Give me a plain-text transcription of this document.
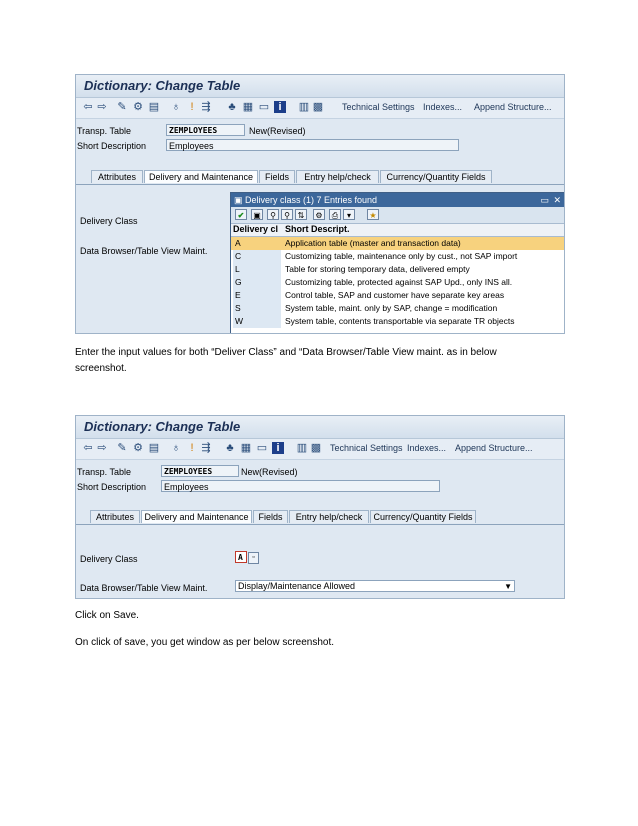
Dictionary: Change Table
⇦ ⇨ ✎ ⚙ ▤ ♁ ! ⇶ ♣ ▦ ▭ i	▥ ▩ Technical Settings Indexes... Append Structure...
Transp. Table	ZEMPLOYEES	New(Revised)
Short Description	Employees
Attributes	Delivery and Maintenance	Fields	Entry help/check	Currency/Quantity Fields
Delivery Class
Data Browser/Table View Maint.
Delivery class (1) 7 Entries found
▣	▭ ✕
✔	▣	⚲	⚲ ⇅	⚙	⎙	▾	★
Delivery cl Short Descript.
A	Application table (master and transaction data)
C	Customizing table, maintenance only by cust., not SAP import
L	Table for storing temporary data, delivered empty
G	Customizing table, protected against SAP Upd., only INS all.
E	Control table, SAP and customer have separate key areas
S	System table, maint. only by SAP, change = modification
W	System table, contents transportable via separate TR objects
Enter the input values for both “Deliver Class” and “Data Browser/Table View maint. as in below screenshot.
Dictionary: Change Table
⇦ ⇨ ✎ ⚙ ▤ ♁ ! ⇶ ♣ ▦ ▭ i	▥ ▩ Technical Settings Indexes... Append Structure...
Transp. Table	ZEMPLOYEES	New(Revised)
Short Description	Employees
Attributes	Delivery and Maintenance	Fields	Entry help/check	Currency/Quantity Fields
Delivery Class	A	▫
Data Browser/Table View Maint.	Display/Maintenance Allowed	▼
Click on Save.
On click of save, you get window as per below screenshot.
